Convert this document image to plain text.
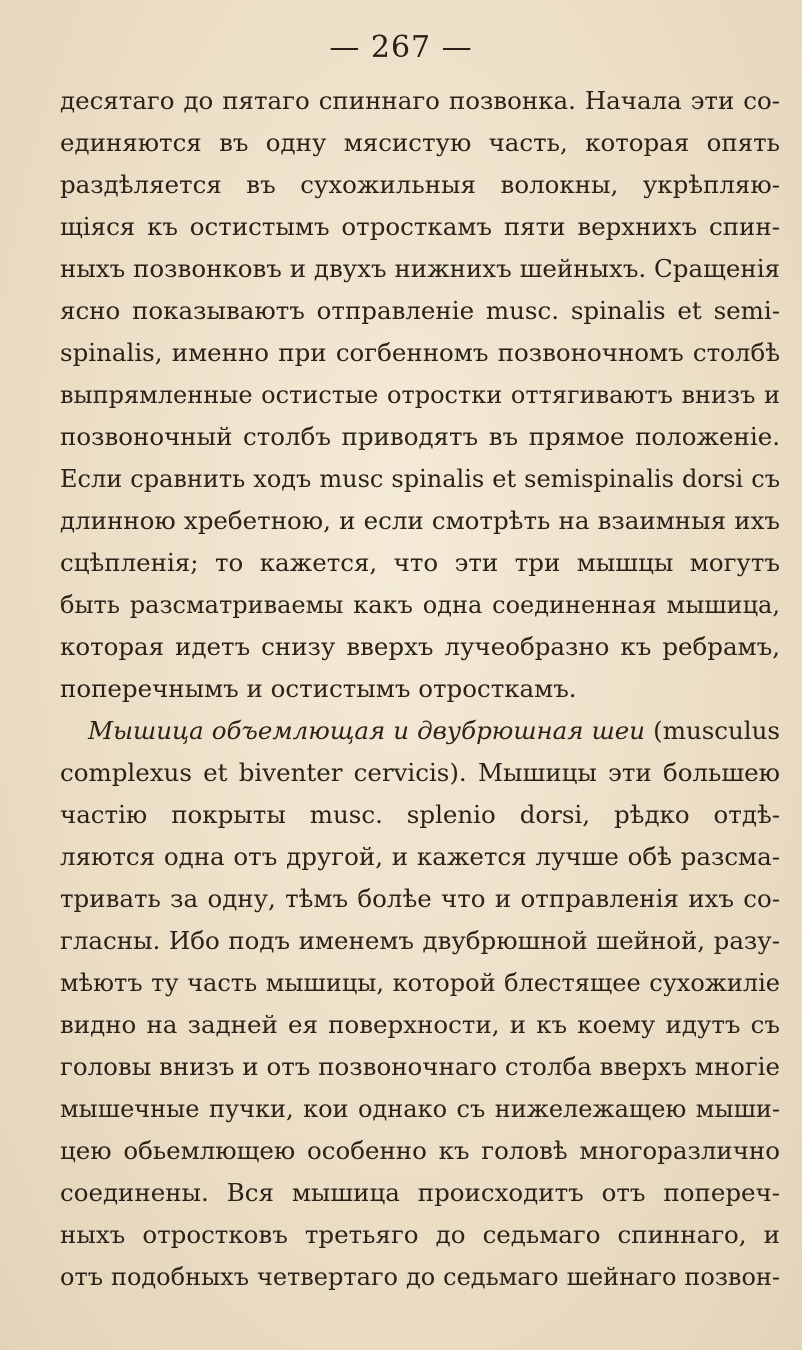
— 267 —
десятаго до пятаго спиннаго позвонка. Начала эти со-
единяются въ одну мясистую часть, которая опять
раздѣляется въ сухожильныя волокны, укрѣпляю-
щіяся къ остистымъ отросткамъ пяти верхнихъ спин-
ныхъ позвонковъ и двухъ нижнихъ шейныхъ. Сращенія
ясно показываютъ отправленіе musc. spinalis et semi-
spinalis, именно при согбенномъ позвоночномъ столбѣ
выпрямленные остистые отростки оттягиваютъ внизъ и
позвоночный столбъ приводятъ въ прямое положеніе.
Если сравнить ходъ musc spinalis et semispinalis dorsi съ
длинною хребетною, и если смотрѣть на взаимныя ихъ
сцѣпленія; то кажется, что эти три мышцы могутъ
быть разсматриваемы какъ одна соединенная мышица,
которая идетъ снизу вверхъ лучеобразно къ ребрамъ,
поперечнымъ и остистымъ отросткамъ.
Мышица объемлющая и двубрюшная шеи (musculus
complexus et biventer cervicis). Мышицы эти большею
частію покрыты musc. splenio dorsi, рѣдко отдѣ-
ляются одна отъ другой, и кажется лучше обѣ разсма-
тривать за одну, тѣмъ болѣе что и отправленія ихъ со-
гласны. Ибо подъ именемъ двубрюшной шейной, разу-
мѣютъ ту часть мышицы, которой блестящее сухожиліе
видно на задней ея поверхности, и къ коему идутъ съ
головы внизъ и отъ позвоночнаго столба вверхъ многіе
мышечные пучки, кои однако съ нижележащею мыши-
цею обьемлющею особенно къ головѣ многоразлично
соединены. Вся мышица происходитъ отъ попереч-
ныхъ отростковъ третьяго до седьмаго спиннаго, и
отъ подобныхъ четвертаго до седьмаго шейнаго позвон-
